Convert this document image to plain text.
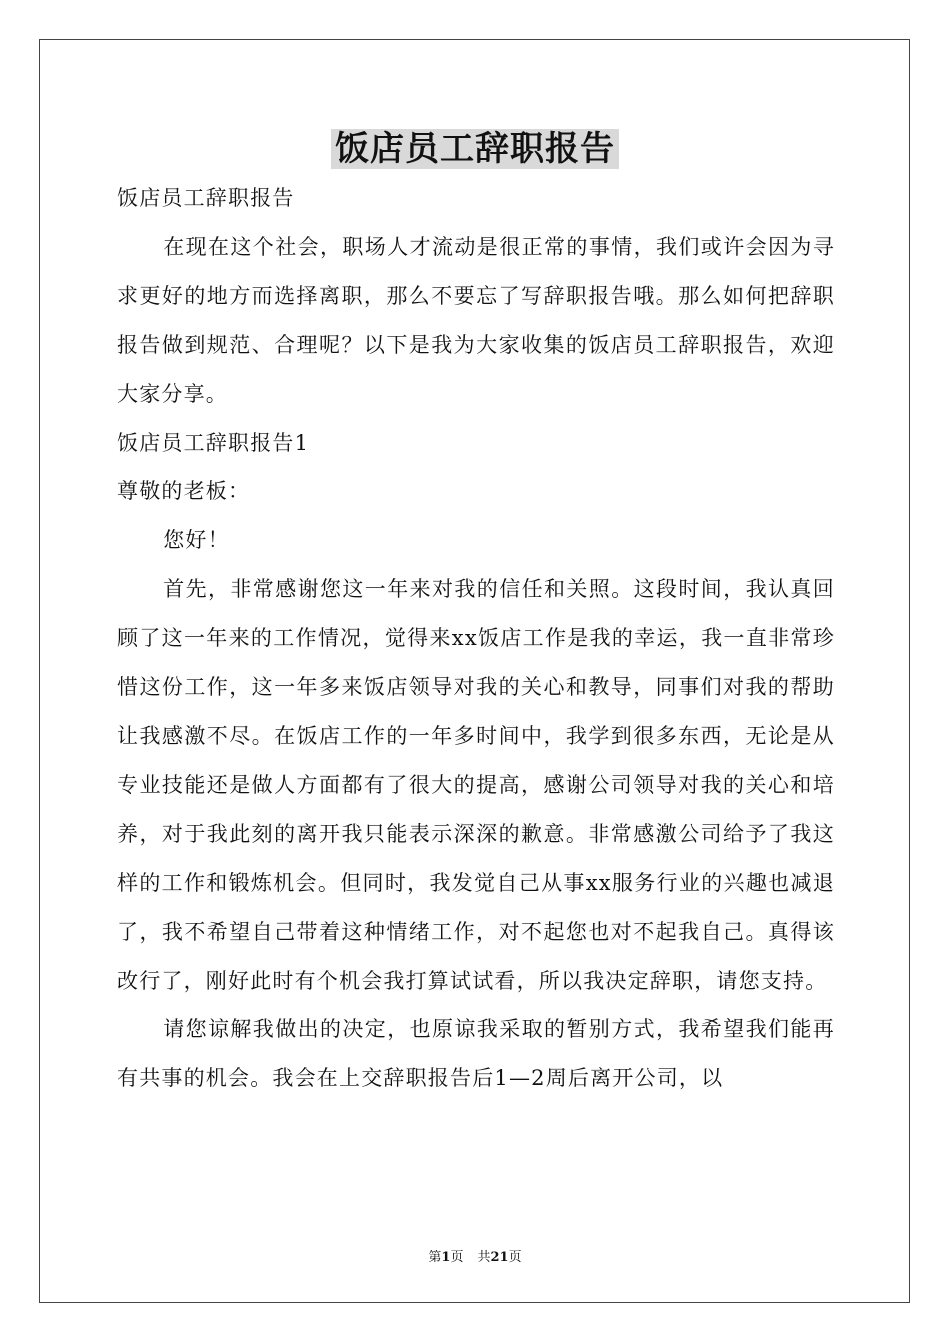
饭店员工辞职报告

饭店员工辞职报告

在现在这个社会，职场人才流动是很正常的事情，我们或许会因为寻求更好的地方而选择离职，那么不要忘了写辞职报告哦。那么如何把辞职报告做到规范、合理呢？以下是我为大家收集的饭店员工辞职报告，欢迎大家分享。

饭店员工辞职报告1

尊敬的老板：

您好！

首先，非常感谢您这一年来对我的信任和关照。这段时间，我认真回顾了这一年来的工作情况，觉得来xx饭店工作是我的幸运，我一直非常珍惜这份工作，这一年多来饭店领导对我的关心和教导，同事们对我的帮助让我感激不尽。在饭店工作的一年多时间中，我学到很多东西，无论是从专业技能还是做人方面都有了很大的提高，感谢公司领导对我的关心和培养，对于我此刻的离开我只能表示深深的歉意。非常感激公司给予了我这样的工作和锻炼机会。但同时，我发觉自己从事xx服务行业的兴趣也减退了，我不希望自己带着这种情绪工作，对不起您也对不起我自己。真得该改行了，刚好此时有个机会我打算试试看，所以我决定辞职，请您支持。

请您谅解我做出的决定，也原谅我采取的暂别方式，我希望我们能再有共事的机会。我会在上交辞职报告后1—2周后离开公司，以

第1页 共21页
